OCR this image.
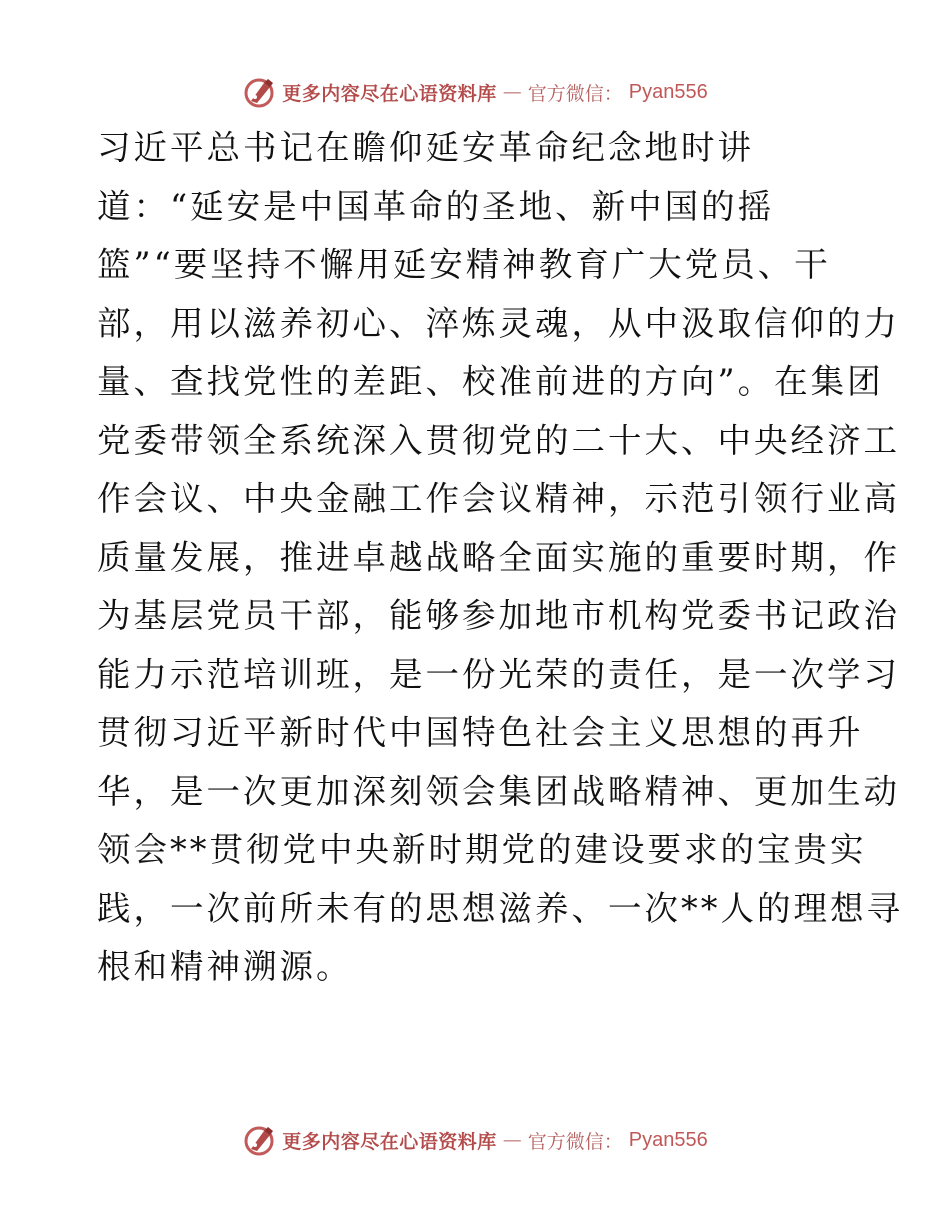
更多内容尽在心语资料库 — 官方微信： Pyan556
习近平总书记在瞻仰延安革命纪念地时讲
道：“延安是中国革命的圣地、新中国的摇
篮”“要坚持不懈用延安精神教育广大党员、干
部，用以滋养初心、淬炼灵魂，从中汲取信仰的力
量、查找党性的差距、校准前进的方向”。在集团
党委带领全系统深入贯彻党的二十大、中央经济工
作会议、中央金融工作会议精神，示范引领行业高
质量发展，推进卓越战略全面实施的重要时期，作
为基层党员干部，能够参加地市机构党委书记政治
能力示范培训班，是一份光荣的责任，是一次学习
贯彻习近平新时代中国特色社会主义思想的再升
华，是一次更加深刻领会集团战略精神、更加生动
领会**贯彻党中央新时期党的建设要求的宝贵实
践，一次前所未有的思想滋养、一次**人的理想寻
根和精神溯源。
更多内容尽在心语资料库 — 官方微信： Pyan556
